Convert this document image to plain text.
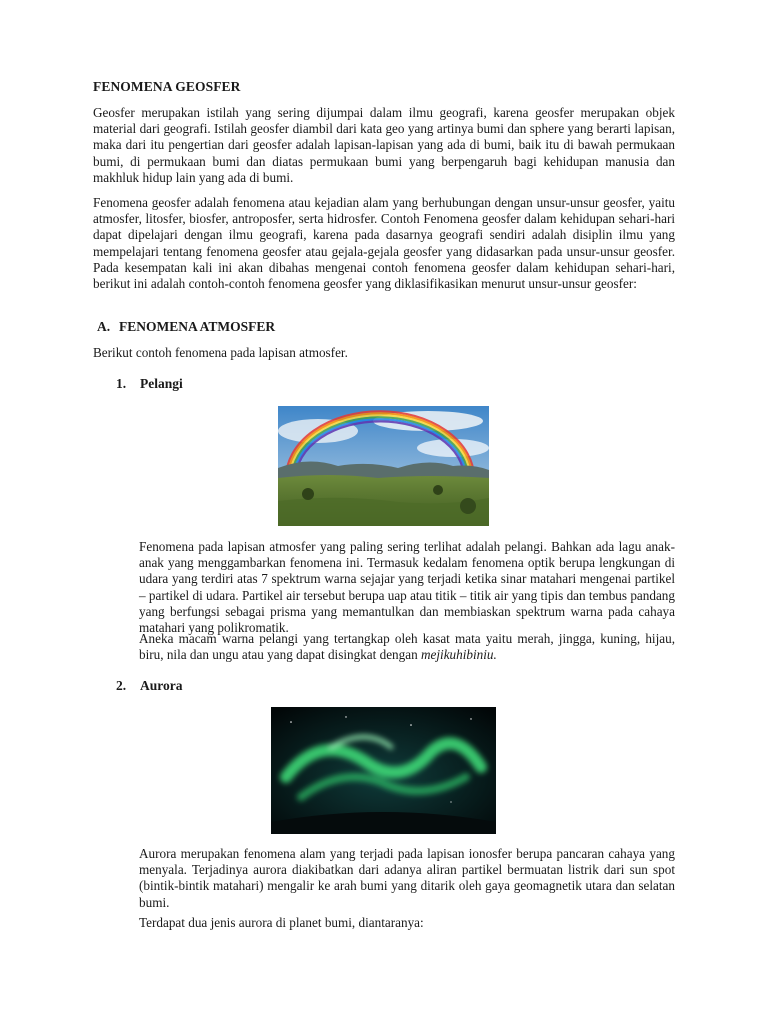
FENOMENA GEOSFER

Geosfer merupakan istilah yang sering dijumpai dalam ilmu geografi, karena geosfer merupakan objek material dari geografi. Istilah geosfer diambil dari kata geo yang artinya bumi dan sphere yang berarti lapisan, maka dari itu pengertian dari geosfer adalah lapisan-lapisan yang ada di bumi, baik itu di bawah permukaan bumi, di permukaan bumi dan diatas permukaan bumi yang berpengaruh bagi kehidupan manusia dan makhluk hidup lain yang ada di bumi.

Fenomena geosfer adalah fenomena atau kejadian alam yang berhubungan dengan unsur-unsur geosfer, yaitu atmosfer, litosfer, biosfer, antroposfer, serta hidrosfer. Contoh Fenomena geosfer dalam kehidupan sehari-hari dapat dipelajari dengan ilmu geografi, karena pada dasarnya geografi sendiri adalah disiplin ilmu yang mempelajari tentang fenomena geosfer atau gejala-gejala geosfer yang didasarkan pada unsur-unsur geosfer. Pada kesempatan kali ini akan dibahas mengenai contoh fenomena geosfer dalam kehidupan sehari-hari, berikut ini adalah contoh-contoh fenomena geosfer yang diklasifikasikan menurut unsur-unsur geosfer:

A. FENOMENA ATMOSFER

Berikut contoh fenomena pada lapisan atmosfer.

1. Pelangi

Fenomena pada lapisan atmosfer yang paling sering terlihat adalah pelangi. Bahkan ada lagu anak-anak yang menggambarkan fenomena ini. Termasuk kedalam fenomena optik berupa lengkungan di udara yang terdiri atas 7 spektrum warna sejajar yang terjadi ketika sinar matahari mengenai partikel – partikel di udara. Partikel air tersebut berupa uap atau titik – titik air yang tipis dan tembus pandang yang berfungsi sebagai prisma yang memantulkan dan membiaskan spektrum warna pada cahaya matahari yang polikromatik.

Aneka macam warna pelangi yang tertangkap oleh kasat mata yaitu merah, jingga, kuning, hijau, biru, nila dan ungu atau yang dapat disingkat dengan mejikuhibiniu.

2. Aurora

Aurora merupakan fenomena alam yang terjadi pada lapisan ionosfer berupa pancaran cahaya yang menyala. Terjadinya aurora diakibatkan dari adanya aliran partikel bermuatan listrik dari sun spot (bintik-bintik matahari) mengalir ke arah bumi yang ditarik oleh gaya geomagnetik utara dan selatan bumi.

Terdapat dua jenis aurora di planet bumi, diantaranya:
